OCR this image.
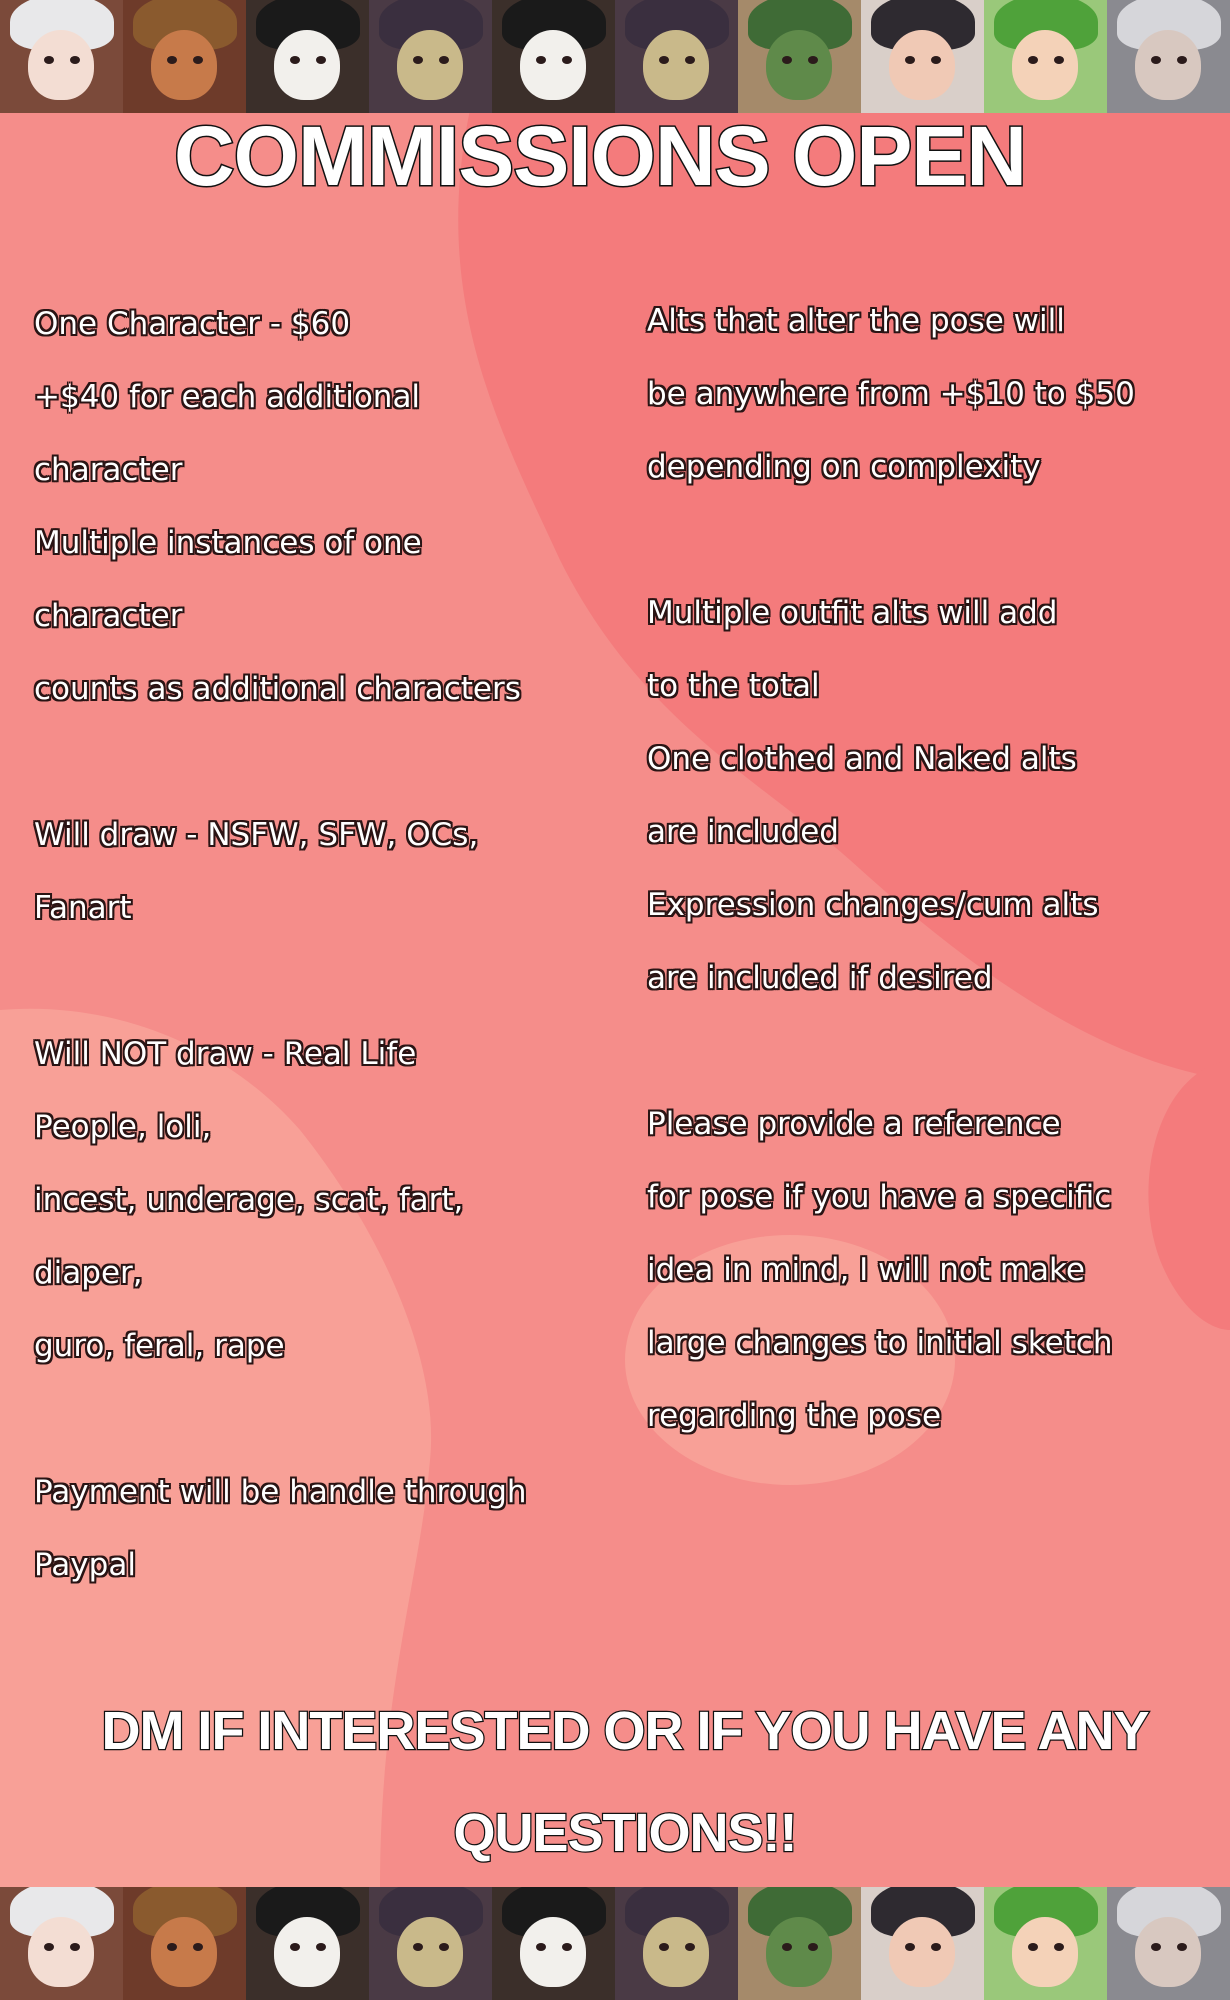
COMMISSIONS OPEN
One Character - $60
+$40 for each additional
character
Multiple instances of one
character
counts as additional characters
Will draw - NSFW, SFW, OCs,
Fanart
Will NOT draw - Real Life
People, loli,
incest, underage, scat, fart,
diaper,
guro, feral, rape
Payment will be handle through
Paypal
Alts that alter the pose will
be anywhere from +$10 to $50
depending on complexity
Multiple outfit alts will add
to the total
One clothed and Naked alts
are included
Expression changes/cum alts
are included if desired
Please provide a reference
for pose if you have a specific
idea in mind, I will not make
large changes to initial sketch
regarding the pose
DM IF INTERESTED OR IF YOU HAVE ANY
QUESTIONS!!
